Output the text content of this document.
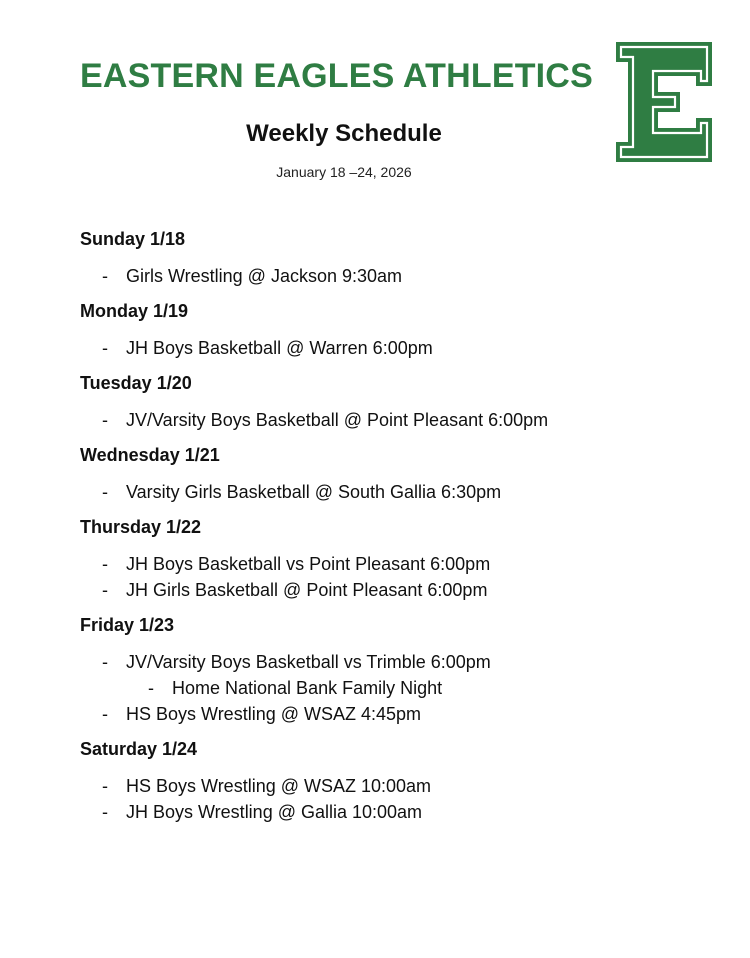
EASTERN EAGLES ATHLETICS
Weekly Schedule
January 18 –24, 2026
Sunday 1/18
- Girls Wrestling @ Jackson 9:30am
Monday 1/19
- JH Boys Basketball @ Warren 6:00pm
Tuesday 1/20
- JV/Varsity Boys Basketball @ Point Pleasant 6:00pm
Wednesday 1/21
- Varsity Girls Basketball @ South Gallia 6:30pm
Thursday 1/22
- JH Boys Basketball vs Point Pleasant 6:00pm
- JH Girls Basketball @ Point Pleasant 6:00pm
Friday 1/23
- JV/Varsity Boys Basketball vs Trimble 6:00pm
- Home National Bank Family Night
- HS Boys Wrestling @ WSAZ 4:45pm
Saturday 1/24
- HS Boys Wrestling @ WSAZ 10:00am
- JH Boys Wrestling @ Gallia 10:00am
